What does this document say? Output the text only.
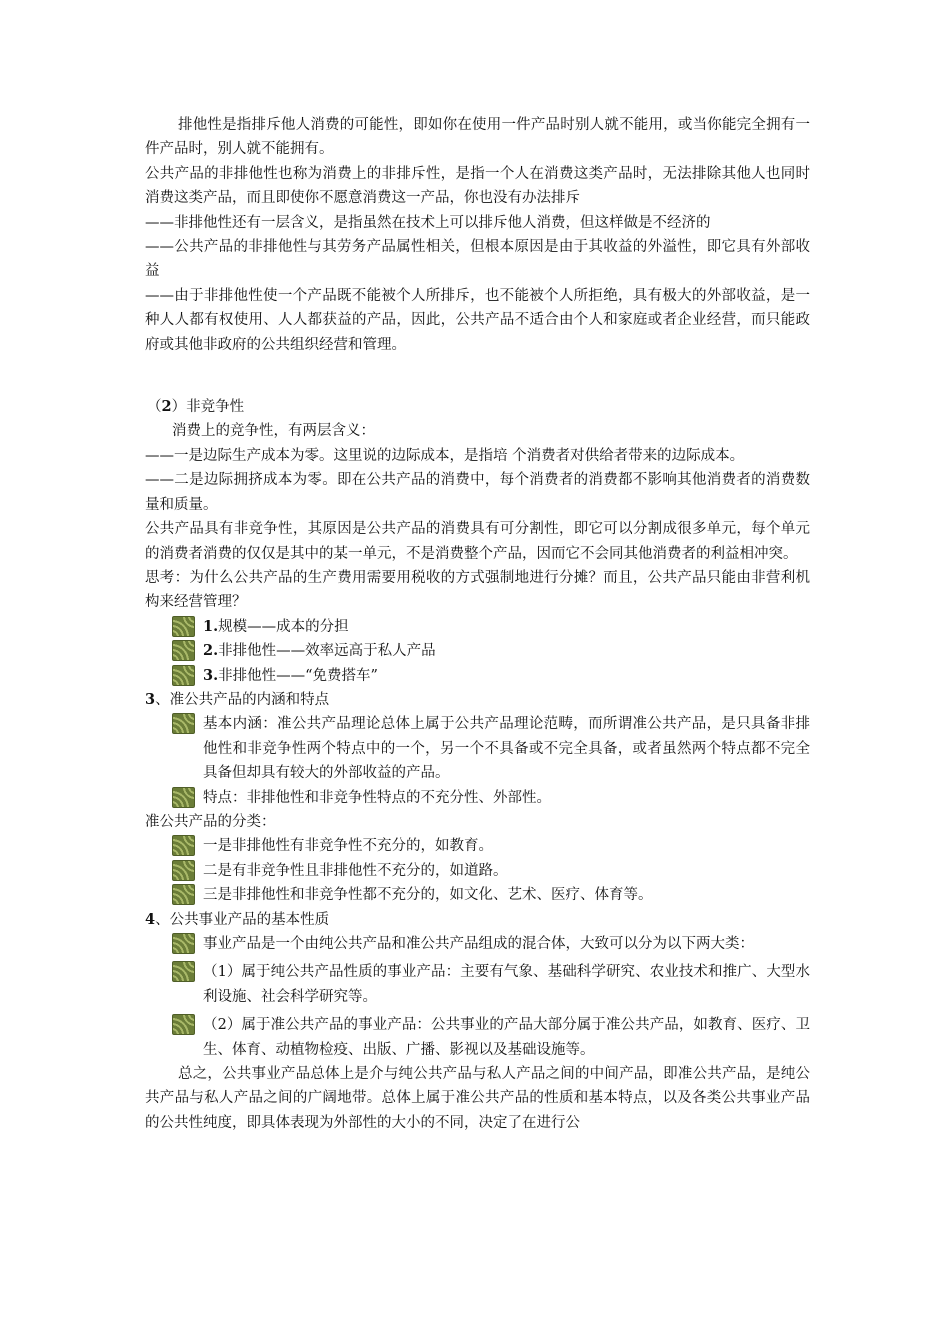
排他性是指排斥他人消费的可能性，即如你在使用一件产品时别人就不能用，或当你能完全拥有一件产品时，别人就不能拥有。

公共产品的非排他性也称为消费上的非排斥性，是指一个人在消费这类产品时，无法排除其他人也同时消费这类产品，而且即使你不愿意消费这一产品，你也没有办法排斥

——非排他性还有一层含义，是指虽然在技术上可以排斥他人消费，但这样做是不经济的

——公共产品的非排他性与其劳务产品属性相关，但根本原因是由于其收益的外溢性，即它具有外部收益

——由于非排他性使一个产品既不能被个人所排斥，也不能被个人所拒绝，具有极大的外部收益，是一种人人都有权使用、人人都获益的产品，因此，公共产品不适合由个人和家庭或者企业经营，而只能政府或其他非政府的公共组织经营和管理。

（2）非竞争性

消费上的竞争性，有两层含义：

——一是边际生产成本为零。这里说的边际成本，是指培 个消费者对供给者带来的边际成本。

——二是边际拥挤成本为零。即在公共产品的消费中，每个消费者的消费都不影响其他消费者的消费数量和质量。

公共产品具有非竞争性，其原因是公共产品的消费具有可分割性，即它可以分割成很多单元，每个单元的消费者消费的仅仅是其中的某一单元，不是消费整个产品，因而它不会同其他消费者的利益相冲突。

思考：为什么公共产品的生产费用需要用税收的方式强制地进行分摊？而且，公共产品只能由非营利机构来经营管理？

1.规模——成本的分担
2.非排他性——效率远高于私人产品
3.非排他性——“免费搭车”

3、准公共产品的内涵和特点

基本内涵：准公共产品理论总体上属于公共产品理论范畴，而所谓准公共产品，是只具备非排他性和非竞争性两个特点中的一个，另一个不具备或不完全具备，或者虽然两个特点都不完全具备但却具有较大的外部收益的产品。
特点：非排他性和非竞争性特点的不充分性、外部性。

准公共产品的分类：

一是非排他性有非竞争性不充分的，如教育。
二是有非竞争性且非排他性不充分的，如道路。
三是非排他性和非竞争性都不充分的，如文化、艺术、医疗、体育等。

4、公共事业产品的基本性质

事业产品是一个由纯公共产品和准公共产品组成的混合体，大致可以分为以下两大类：
（1）属于纯公共产品性质的事业产品：主要有气象、基础科学研究、农业技术和推广、大型水利设施、社会科学研究等。
（2）属于准公共产品的事业产品：公共事业的产品大部分属于准公共产品，如教育、医疗、卫生、体育、动植物检疫、出版、广播、影视以及基础设施等。

总之，公共事业产品总体上是介与纯公共产品与私人产品之间的中间产品，即准公共产品，是纯公共产品与私人产品之间的广阔地带。总体上属于准公共产品的性质和基本特点，以及各类公共事业产品的公共性纯度，即具体表现为外部性的大小的不同，决定了在进行公
